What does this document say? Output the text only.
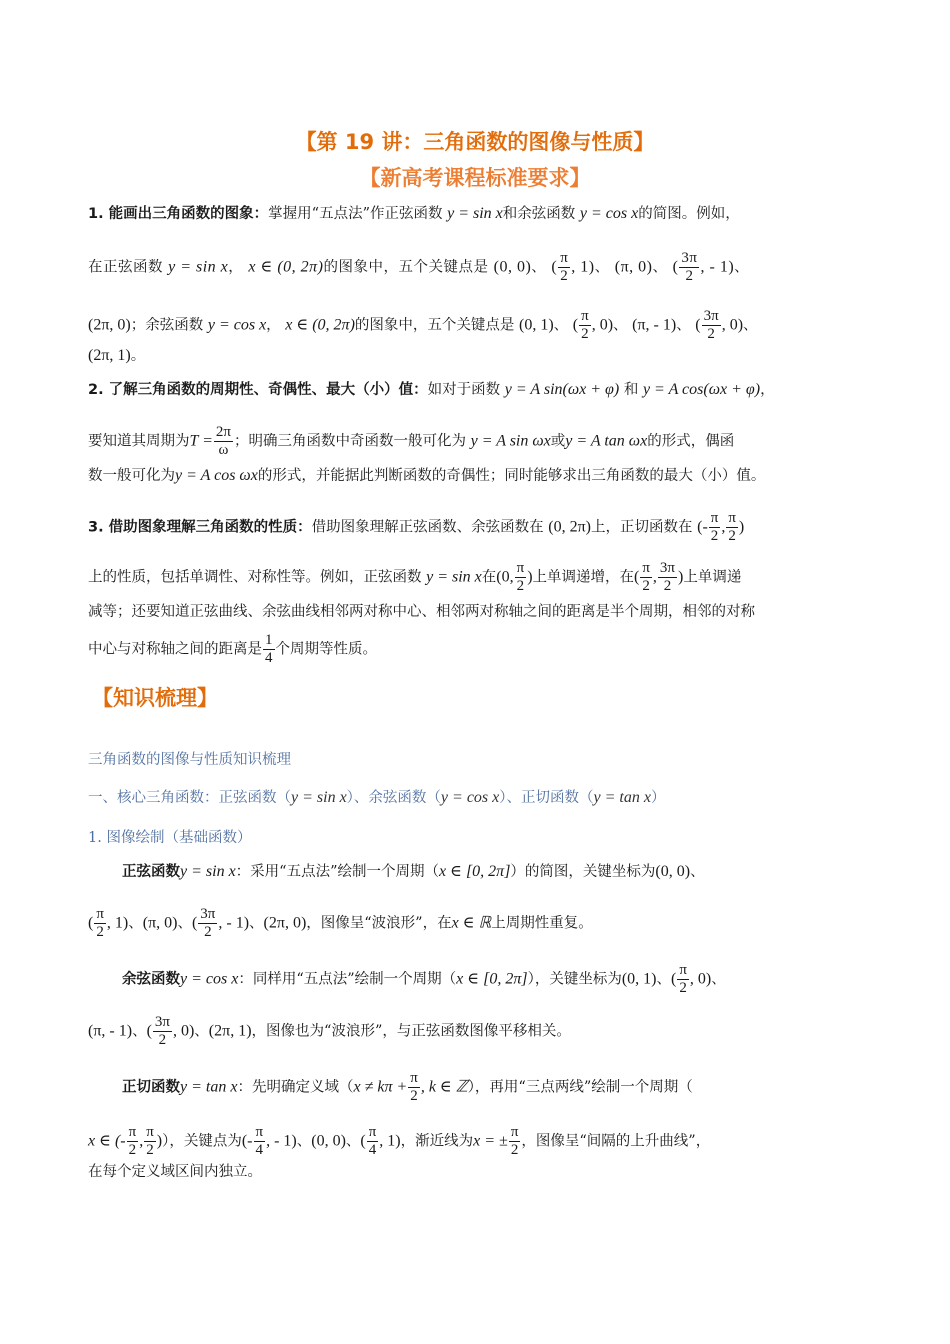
【第 19 讲：三角函数的图像与性质】
【新高考课程标准要求】
1. 能画出三角函数的图象：掌握用“五点法”作正弦函数 y = sin x和余弦函数 y = cos x的简图。例如，
在正弦函数 y = sin x， x ∈ (0, 2π)的图象中，五个关键点是 (0, 0)、 ( $\frac{\pi}{2}$ , 1)、 (π, 0)、 ( $\frac{3\pi}{2}$ , - 1)、
(2π, 0)；余弦函数 y = cos x， x ∈ (0, 2π)的图象中，五个关键点是 (0, 1)、 ( $\frac{\pi}{2}$ , 0)、 (π, - 1)、 ( $\frac{3\pi}{2}$ , 0)、
(2π, 1)。
2. 了解三角函数的周期性、奇偶性、最大（小）值：如对于函数 y = A sin(ωx + φ) 和 y = A cos(ωx + φ)，
要知道其周期为$T = \frac{2\pi}{\omega}$ ；明确三角函数中奇函数一般可化为 y = A sin ωx或y = A tan ωx的形式，偶函
数一般可化为y = A cos ωx的形式，并能据此判断函数的奇偶性；同时能够求出三角函数的最大（小）值。
3. 借助图象理解三角函数的性质：借助图象理解正弦函数、余弦函数在 (0, 2π)上，正切函数在 (- $\frac{\pi}{2}$ , $\frac{\pi}{2}$ )
上的性质，包括单调性、对称性等。例如，正弦函数 y = sin x在(0, $\frac{\pi}{2}$ )上单调递增，在( $\frac{\pi}{2}$ , $\frac{3\pi}{2}$ )上单调递
减等；还要知道正弦曲线、余弦曲线相邻两对称中心、相邻两对称轴之间的距离是半个周期，相邻的对称
中心与对称轴之间的距离是 $\frac{1}{4}$ 个周期等性质。
【知识梳理】
三角函数的图像与性质知识梳理
一、核心三角函数：正弦函数（y = sin x）、余弦函数（y = cos x）、正切函数（y = tan x）
1. 图像绘制（基础函数）
正弦函数y = sin x：采用“五点法”绘制一个周期（x ∈ [0, 2π]）的简图，关键坐标为(0, 0)、
( $\frac{\pi}{2}$ , 1)、(π, 0)、( $\frac{3\pi}{2}$ , - 1)、(2π, 0)，图像呈“波浪形”，在x ∈ ℝ上周期性重复。
余弦函数y = cos x：同样用“五点法”绘制一个周期（x ∈ [0, 2π]），关键坐标为(0, 1)、( $\frac{\pi}{2}$ , 0)、
(π, - 1)、( $\frac{3\pi}{2}$ , 0)、(2π, 1)，图像也为“波浪形”，与正弦函数图像平移相关。
正切函数y = tan x：先明确定义域（$x \ne k\pi + \frac{\pi}{2}$ , k ∈ ℤ），再用“三点两线”绘制一个周期（
x ∈ (- $\frac{\pi}{2}$ , $\frac{\pi}{2}$ )），关键点为(- $\frac{\pi}{4}$ , - 1)、(0, 0)、( $\frac{\pi}{4}$ , 1)，渐近线为x = ± $\frac{\pi}{2}$ ，图像呈“间隔的上升曲线”，
在每个定义域区间内独立。
